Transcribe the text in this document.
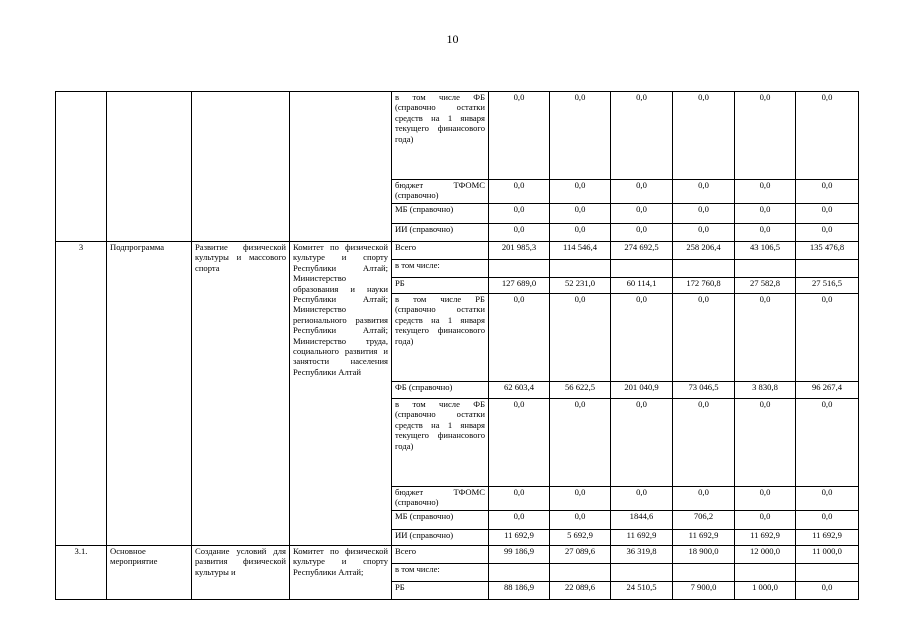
10
				в том числе ФБ (справочно остатки средств на 1 января текущего финансового года)	0,0	0,0	0,0	0,0	0,0	0,0
				бюджет ТФОМС (справочно)	0,0	0,0	0,0	0,0	0,0	0,0
				МБ (справочно)	0,0	0,0	0,0	0,0	0,0	0,0
				ИИ (справочно)	0,0	0,0	0,0	0,0	0,0	0,0
3	Подпрограмма	Развитие физической культуры и массового спорта	Комитет по физической культуре и спорту Республики Алтай; Министерство образования и науки Республики Алтай; Министерство регионального развития Республики Алтай; Министерство труда, социального развития и занятости населения Республики Алтай	Всего	201 985,3	114 546,4	274 692,5	258 206,4	43 106,5	135 476,8
				в том числе:						
				РБ	127 689,0	52 231,0	60 114,1	172 760,8	27 582,8	27 516,5
				в том числе РБ (справочно остатки средств на 1 января текущего финансового года)	0,0	0,0	0,0	0,0	0,0	0,0
				ФБ (справочно)	62 603,4	56 622,5	201 040,9	73 046,5	3 830,8	96 267,4
				в том числе ФБ (справочно остатки средств на 1 января текущего финансового года)	0,0	0,0	0,0	0,0	0,0	0,0
				бюджет ТФОМС (справочно)	0,0	0,0	0,0	0,0	0,0	0,0
				МБ (справочно)	0,0	0,0	1844,6	706,2	0,0	0,0
				ИИ (справочно)	11 692,9	5 692,9	11 692,9	11 692,9	11 692,9	11 692,9
3.1.	Основное мероприятие	Создание условий для развития физической культуры и	Комитет по физической культуре и спорту Республики Алтай;	Всего	99 186,9	27 089,6	36 319,8	18 900,0	12 000,0	11 000,0
				в том числе:						
				РБ	88 186,9	22 089,6	24 510,5	7 900,0	1 000,0	0,0
